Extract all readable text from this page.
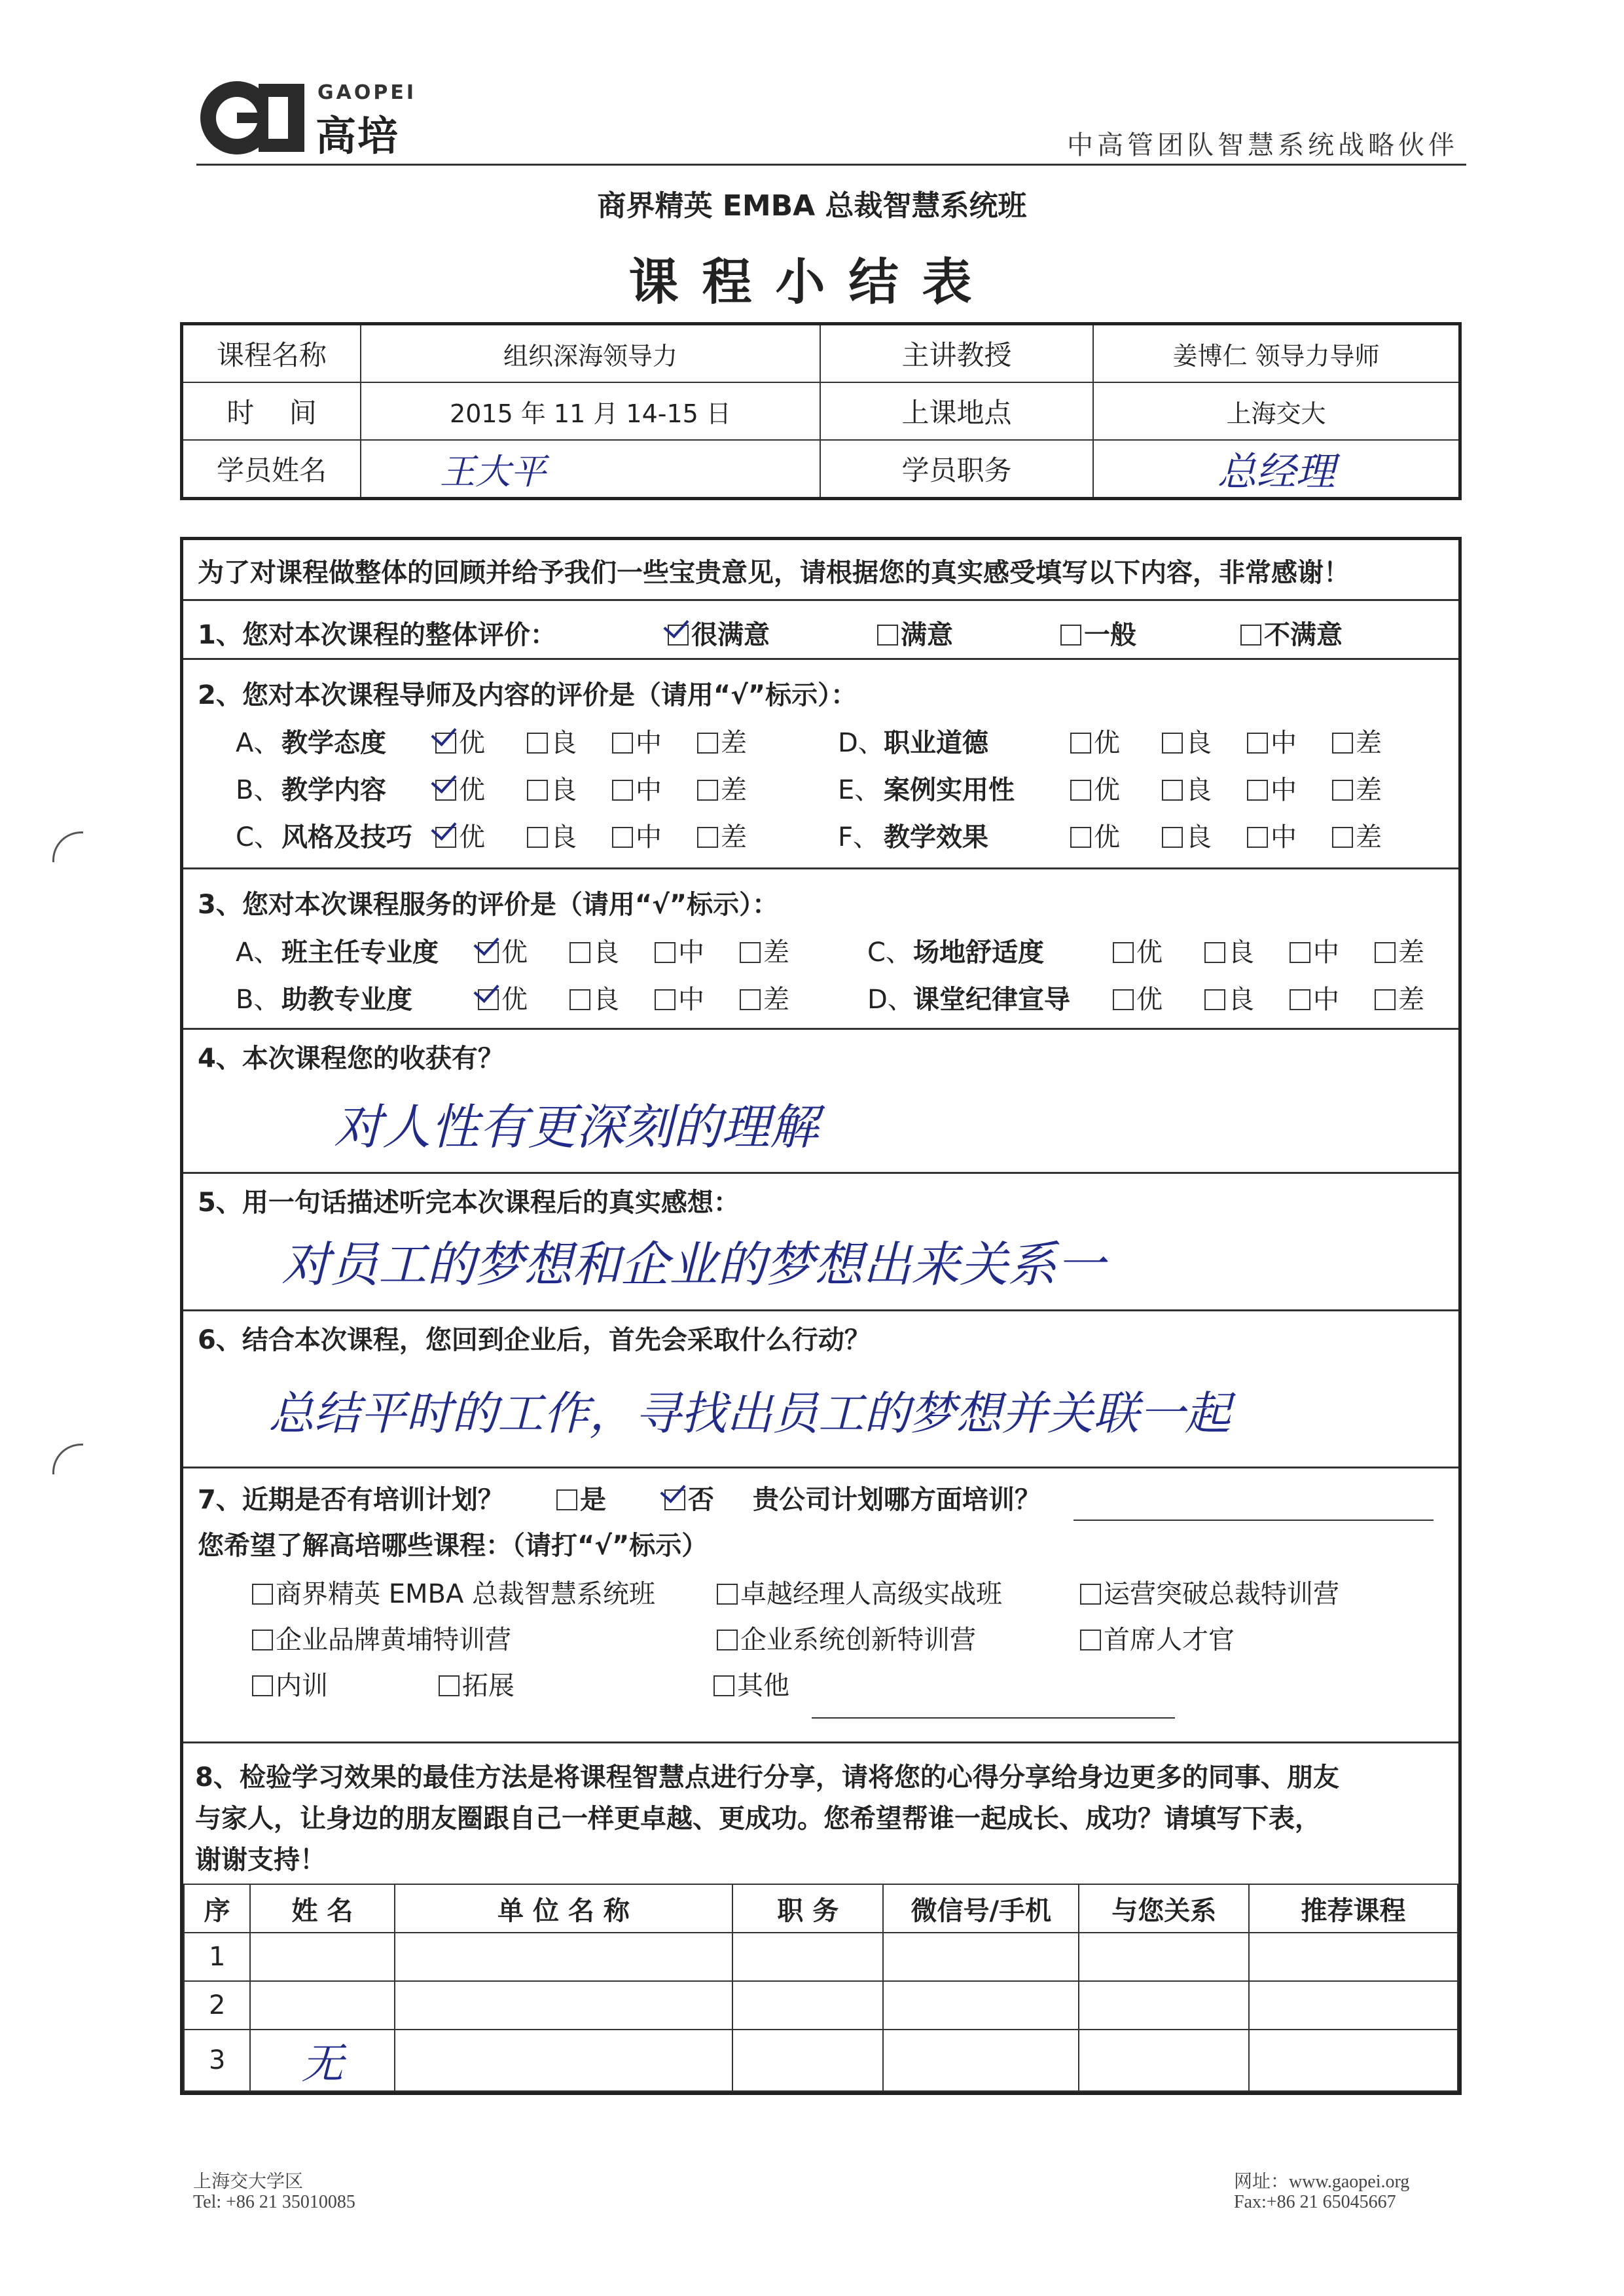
GAOPEI
高培	中高管团队智慧系统战略伙伴
商界精英 EMBA 总裁智慧系统班
课程小结表
课程名称	组织深海领导力	主讲教授	姜博仁 领导力导师
时    间	2015 年 11 月 14-15 日	上课地点	上海交大
学员姓名	王大平	学员职务	总经理
为了对课程做整体的回顾并给予我们一些宝贵意见，请根据您的真实感受填写以下内容，非常感谢！
1、您对本次课程的整体评价：	很满意	满意	一般	不满意
2、您对本次课程导师及内容的评价是（请用“√”标示）：
A、 教学态度	优	良	中	差	D、 职业道德	优	良	中	差
B、 教学内容	优	良	中	差	E、 案例实用性	优	良	中	差
C、 风格及技巧	优	良	中	差	F、 教学效果	优	良	中	差
3、您对本次课程服务的评价是（请用“√”标示）：
A、 班主任专业度	优	良	中	差	C、 场地舒适度	优	良	中	差
B、 助教专业度	优	良	中	差	D、 课堂纪律宣导	优	良	中	差
4、本次课程您的收获有？
对人性有更深刻的理解
5、用一句话描述听完本次课程后的真实感想：
对员工的梦想和企业的梦想出来关系一
6、结合本次课程，您回到企业后，首先会采取什么行动？
总结平时的工作，寻找出员工的梦想并关联一起
7、近期是否有培训计划？	是	否 贵公司计划哪方面培训？
您希望了解高培哪些课程：（请打“√”标示）
商界精英 EMBA 总裁智慧系统班	卓越经理人高级实战班	运营突破总裁特训营
企业品牌黄埔特训营	企业系统创新特训营	首席人才官
内训	拓展	其他
8、检验学习效果的最佳方法是将课程智慧点进行分享，请将您的心得分享给身边更多的同事、朋友
与家人，让身边的朋友圈跟自己一样更卓越、更成功。您希望帮谁一起成长、成功？请填写下表，
谢谢支持！
序	姓 名	单 位 名 称	职 务	微信号/手机	与您关系	推荐课程
1						
2						
3	无					
上海交大学区
Tel: +86 21 35010085
网址：www.gaopei.org
Fax:+86 21 65045667
